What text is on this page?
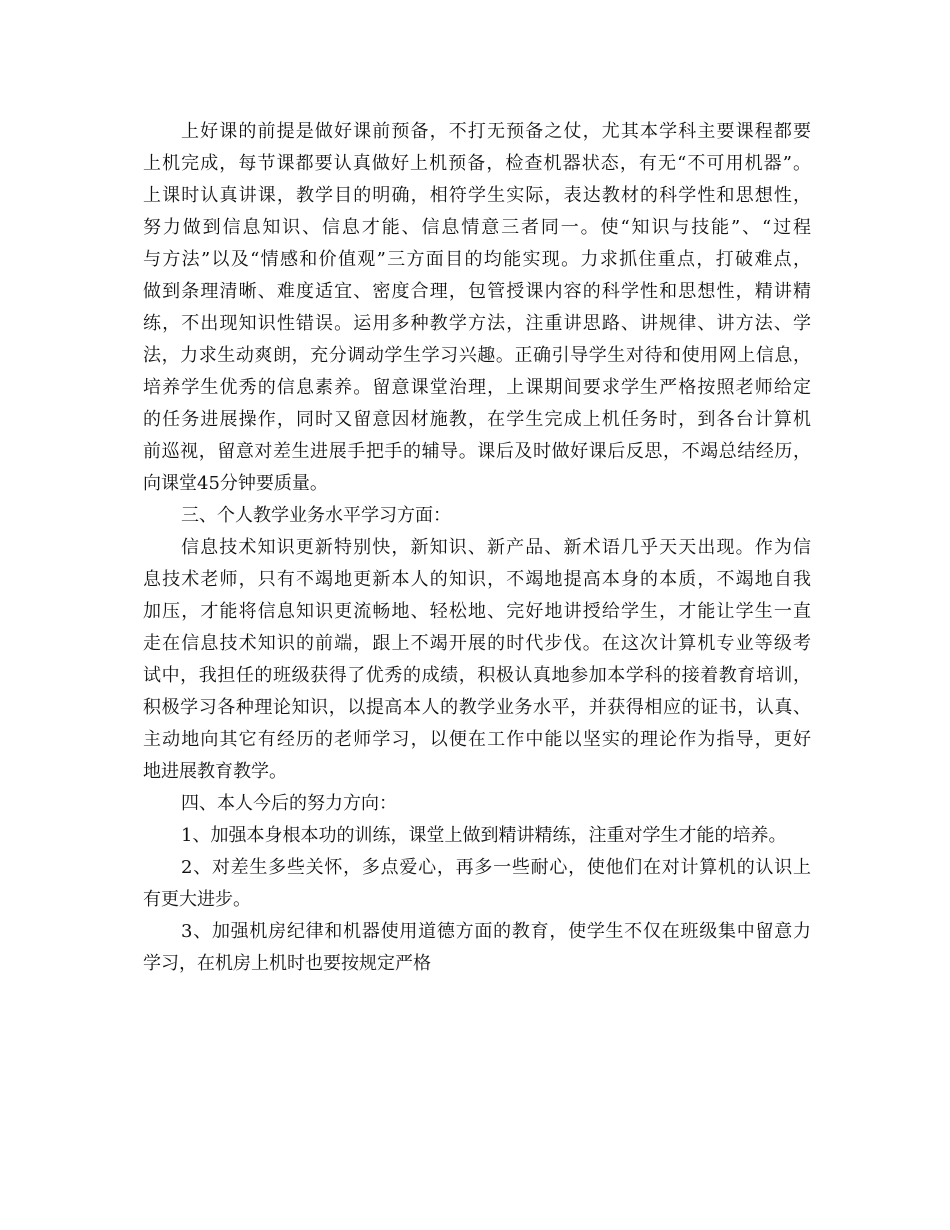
上好课的前提是做好课前预备，不打无预备之仗，尤其本学科主要课程都要
上机完成，每节课都要认真做好上机预备，检查机器状态，有无“不可用机器”。
上课时认真讲课，教学目的明确，相符学生实际，表达教材的科学性和思想性，
努力做到信息知识、信息才能、信息情意三者同一。使“知识与技能”、“过程
与方法”以及“情感和价值观”三方面目的均能实现。力求抓住重点，打破难点，
做到条理清晰、难度适宜、密度合理，包管授课内容的科学性和思想性，精讲精
练，不出现知识性错误。运用多种教学方法，注重讲思路、讲规律、讲方法、学
法，力求生动爽朗，充分调动学生学习兴趣。正确引导学生对待和使用网上信息，
培养学生优秀的信息素养。留意课堂治理，上课期间要求学生严格按照老师给定
的任务进展操作，同时又留意因材施教，在学生完成上机任务时，到各台计算机
前巡视，留意对差生进展手把手的辅导。课后及时做好课后反思，不竭总结经历，
向课堂45分钟要质量。
三、个人教学业务水平学习方面：
信息技术知识更新特别快，新知识、新产品、新术语几乎天天出现。作为信
息技术老师，只有不竭地更新本人的知识，不竭地提高本身的本质，不竭地自我
加压，才能将信息知识更流畅地、轻松地、完好地讲授给学生，才能让学生一直
走在信息技术知识的前端，跟上不竭开展的时代步伐。在这次计算机专业等级考
试中，我担任的班级获得了优秀的成绩，积极认真地参加本学科的接着教育培训，
积极学习各种理论知识，以提高本人的教学业务水平，并获得相应的证书，认真、
主动地向其它有经历的老师学习，以便在工作中能以坚实的理论作为指导，更好
地进展教育教学。
四、本人今后的努力方向：
1、加强本身根本功的训练，课堂上做到精讲精练，注重对学生才能的培养。
2、对差生多些关怀，多点爱心，再多一些耐心，使他们在对计算机的认识上
有更大进步。
3、加强机房纪律和机器使用道德方面的教育，使学生不仅在班级集中留意力
学习，在机房上机时也要按规定严格
